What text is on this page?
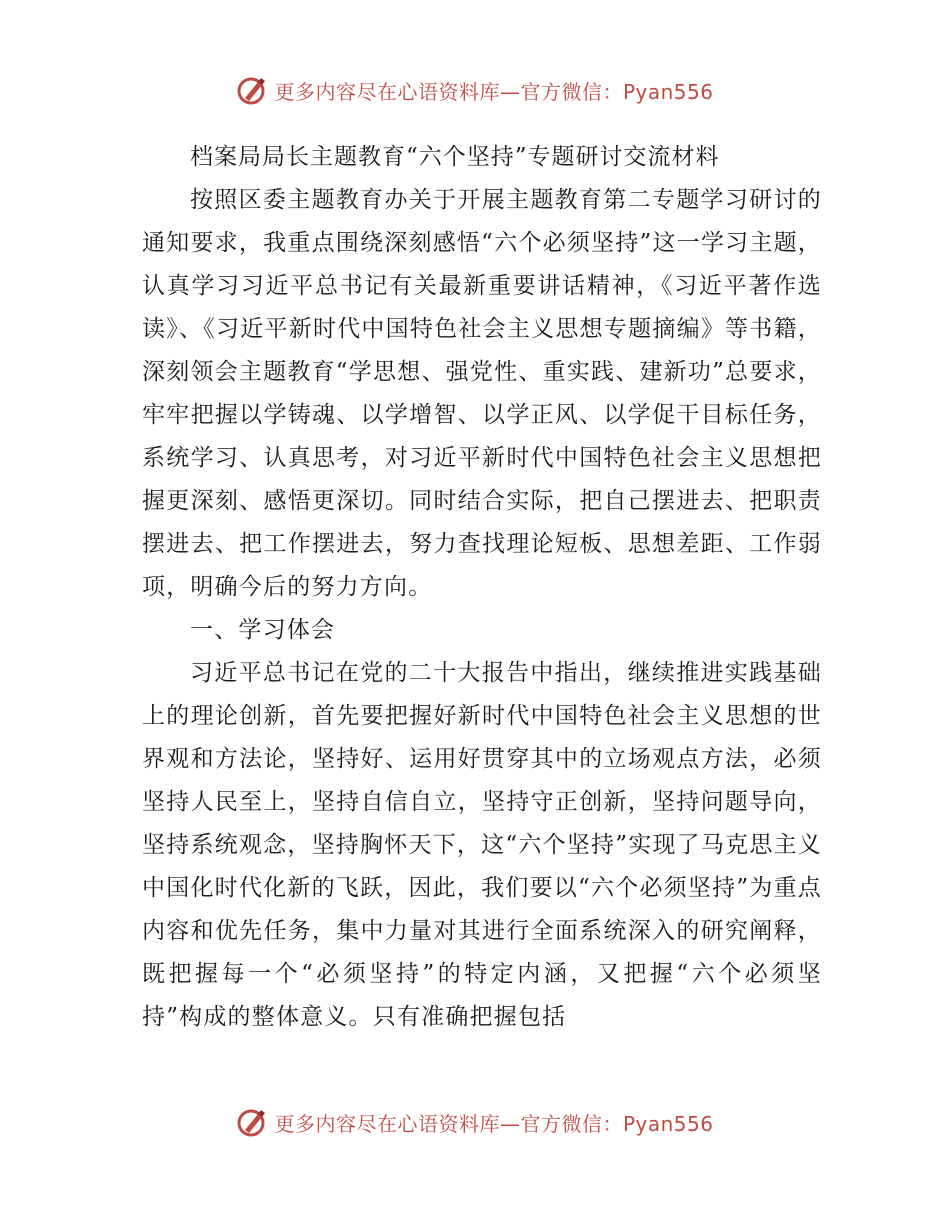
更多内容尽在心语资料库—官方微信：Pyan556

档案局局长主题教育“六个坚持”专题研讨交流材料

按照区委主题教育办关于开展主题教育第二专题学习研讨的通知要求，我重点围绕深刻感悟“六个必须坚持”这一学习主题，认真学习习近平总书记有关最新重要讲话精神，《习近平著作选读》、《习近平新时代中国特色社会主义思想专题摘编》等书籍，深刻领会主题教育“学思想、强党性、重实践、建新功”总要求，牢牢把握以学铸魂、以学增智、以学正风、以学促干目标任务，系统学习、认真思考，对习近平新时代中国特色社会主义思想把握更深刻、感悟更深切。同时结合实际，把自己摆进去、把职责摆进去、把工作摆进去，努力查找理论短板、思想差距、工作弱项，明确今后的努力方向。

一、学习体会

习近平总书记在党的二十大报告中指出，继续推进实践基础上的理论创新，首先要把握好新时代中国特色社会主义思想的世界观和方法论，坚持好、运用好贯穿其中的立场观点方法，必须坚持人民至上，坚持自信自立，坚持守正创新，坚持问题导向，坚持系统观念，坚持胸怀天下，这“六个坚持”实现了马克思主义中国化时代化新的飞跃，因此，我们要以“六个必须坚持”为重点内容和优先任务，集中力量对其进行全面系统深入的研究阐释，既把握每一个“必须坚持”的特定内涵，又把握“六个必须坚持”构成的整体意义。只有准确把握包括

更多内容尽在心语资料库—官方微信：Pyan556
